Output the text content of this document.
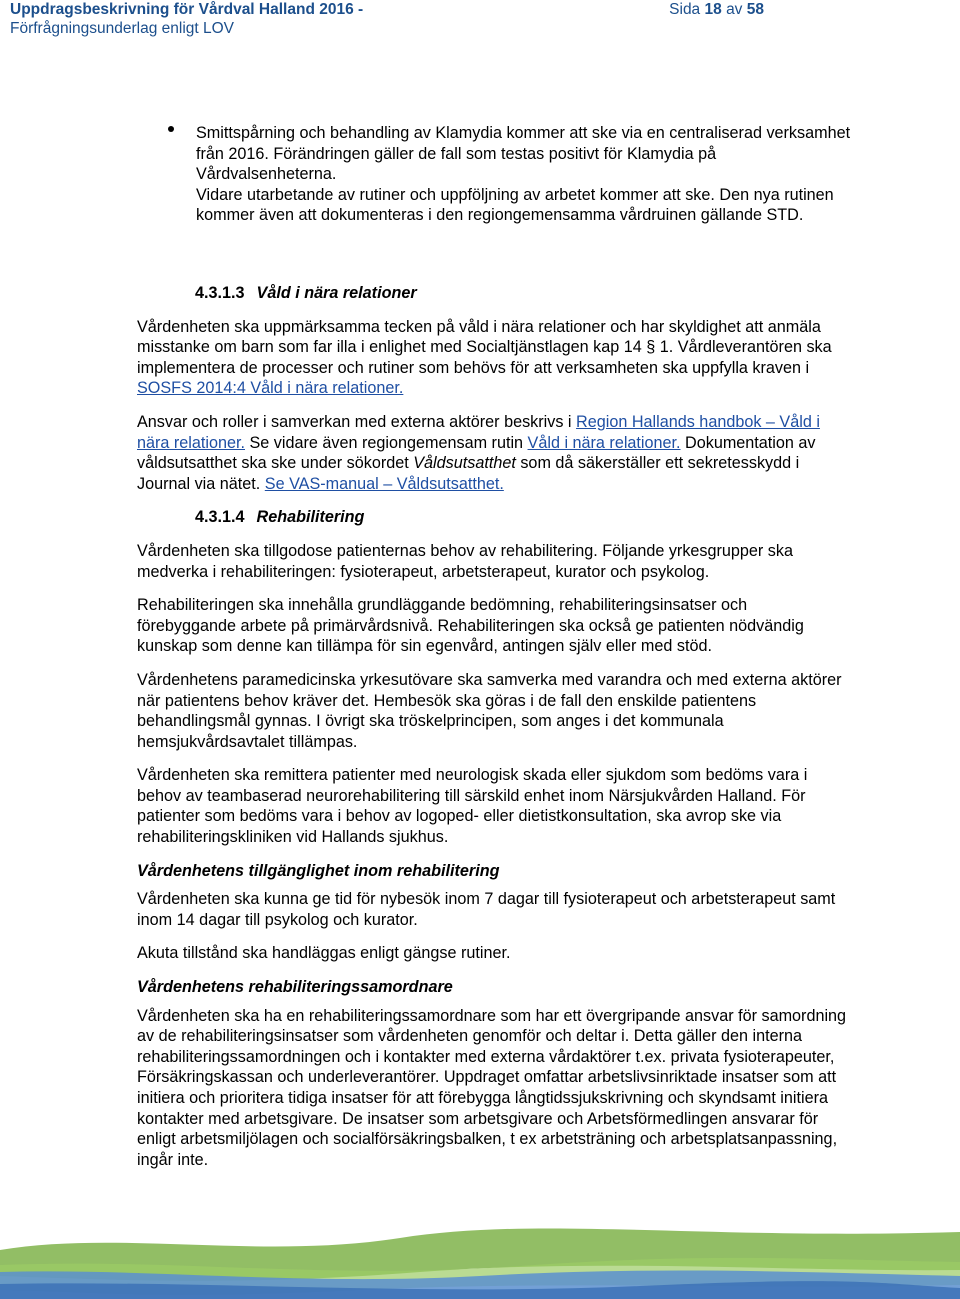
Uppdragsbeskrivning för Vårdval Halland 2016 -
Förfrågningsunderlag enligt LOV
Sida 18 av 58
Smittspårning och behandling av Klamydia kommer att ske via en centraliserad verksamhet från 2016. Förändringen gäller de fall som testas positivt för Klamydia på Vårdvalsenheterna.
Vidare utarbetande av rutiner och uppföljning av arbetet kommer att ske. Den nya rutinen kommer även att dokumenteras i den regiongemensamma vårdruinen gällande STD.
4.3.1.3 Våld i nära relationer
Vårdenheten ska uppmärksamma tecken på våld i nära relationer och har skyldighet att anmäla misstanke om barn som far illa i enlighet med Socialtjänstlagen kap 14 § 1. Vårdleverantören ska implementera de processer och rutiner som behövs för att verksamheten ska uppfylla kraven i SOSFS 2014:4 Våld i nära relationer.
Ansvar och roller i samverkan med externa aktörer beskrivs i Region Hallands handbok – Våld i nära relationer. Se vidare även regiongemensam rutin Våld i nära relationer. Dokumentation av våldsutsatthet ska ske under sökordet Våldsutsatthet som då säkerställer ett sekretesskydd i Journal via nätet. Se VAS-manual – Våldsutsatthet.
4.3.1.4 Rehabilitering
Vårdenheten ska tillgodose patienternas behov av rehabilitering. Följande yrkesgrupper ska medverka i rehabiliteringen: fysioterapeut, arbetsterapeut, kurator och psykolog.
Rehabiliteringen ska innehålla grundläggande bedömning, rehabiliteringsinsatser och förebyggande arbete på primärvårdsnivå. Rehabiliteringen ska också ge patienten nödvändig kunskap som denne kan tillämpa för sin egenvård, antingen själv eller med stöd.
Vårdenhetens paramedicinska yrkesutövare ska samverka med varandra och med externa aktörer när patientens behov kräver det. Hembesök ska göras i de fall den enskilde patientens behandlingsmål gynnas. I övrigt ska tröskelprincipen, som anges i det kommunala hemsjukvårdsavtalet tillämpas.
Vårdenheten ska remittera patienter med neurologisk skada eller sjukdom som bedöms vara i behov av teambaserad neurorehabilitering till särskild enhet inom Närsjukvården Halland. För patienter som bedöms vara i behov av logoped- eller dietistkonsultation, ska avrop ske via rehabiliteringskliniken vid Hallands sjukhus.
Vårdenhetens tillgänglighet inom rehabilitering
Vårdenheten ska kunna ge tid för nybesök inom 7 dagar till fysioterapeut och arbetsterapeut samt inom 14 dagar till psykolog och kurator.
Akuta tillstånd ska handläggas enligt gängse rutiner.
Vårdenhetens rehabiliteringssamordnare
Vårdenheten ska ha en rehabiliteringssamordnare som har ett övergripande ansvar för samordning av de rehabiliteringsinsatser som vårdenheten genomför och deltar i. Detta gäller den interna rehabiliteringssamordningen och i kontakter med externa vårdaktörer t.ex. privata fysioterapeuter, Försäkringskassan och underleverantörer. Uppdraget omfattar arbetslivsinriktade insatser som att initiera och prioritera tidiga insatser för att förebygga långtidssjukskrivning och skyndsamt initiera kontakter med arbetsgivare. De insatser som arbetsgivare och Arbetsförmedlingen ansvarar för enligt arbetsmiljölagen och socialförsäkringsbalken, t ex arbetsträning och arbetsplatsanpassning, ingår inte.
